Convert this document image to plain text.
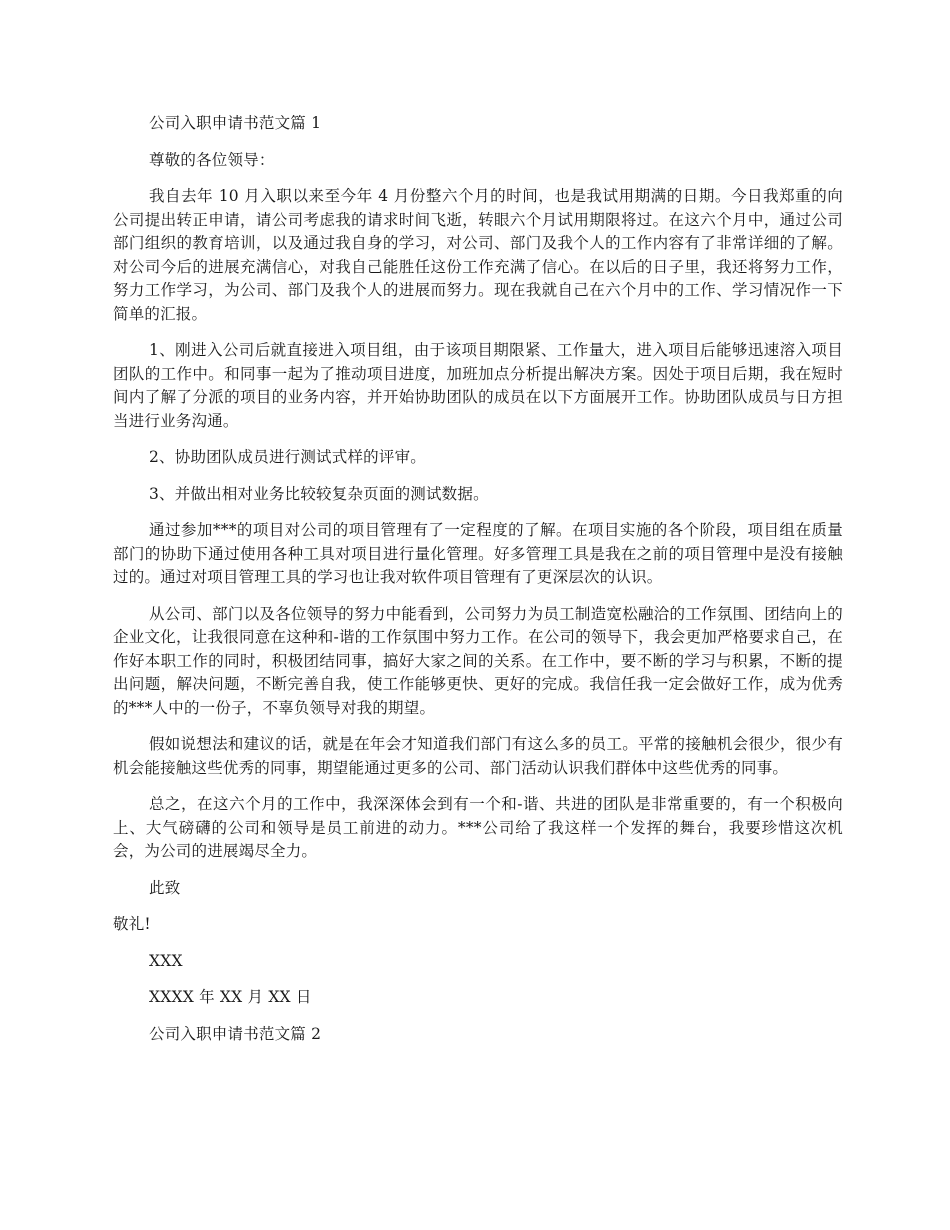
公司入职申请书范文篇 1

尊敬的各位领导：

我自去年 10 月入职以来至今年 4 月份整六个月的时间，也是我试用期满的日期。今日我郑重的向公司提出转正申请，请公司考虑我的请求时间飞逝，转眼六个月试用期限将过。在这六个月中，通过公司部门组织的教育培训，以及通过我自身的学习，对公司、部门及我个人的工作内容有了非常详细的了解。对公司今后的进展充满信心，对我自己能胜任这份工作充满了信心。在以后的日子里，我还将努力工作，努力工作学习，为公司、部门及我个人的进展而努力。现在我就自己在六个月中的工作、学习情况作一下简单的汇报。

1、刚进入公司后就直接进入项目组，由于该项目期限紧、工作量大，进入项目后能够迅速溶入项目团队的工作中。和同事一起为了推动项目进度，加班加点分析提出解决方案。因处于项目后期，我在短时间内了解了分派的项目的业务内容，并开始协助团队的成员在以下方面展开工作。协助团队成员与日方担当进行业务沟通。

2、协助团队成员进行测试式样的评审。

3、并做出相对业务比较较复杂页面的测试数据。

通过参加***的项目对公司的项目管理有了一定程度的了解。在项目实施的各个阶段，项目组在质量部门的协助下通过使用各种工具对项目进行量化管理。好多管理工具是我在之前的项目管理中是没有接触过的。通过对项目管理工具的学习也让我对软件项目管理有了更深层次的认识。

从公司、部门以及各位领导的努力中能看到，公司努力为员工制造宽松融洽的工作氛围、团结向上的企业文化，让我很同意在这种和-谐的工作氛围中努力工作。在公司的领导下，我会更加严格要求自己，在作好本职工作的同时，积极团结同事，搞好大家之间的关系。在工作中，要不断的学习与积累，不断的提出问题，解决问题，不断完善自我，使工作能够更快、更好的完成。我信任我一定会做好工作，成为优秀的***人中的一份子，不辜负领导对我的期望。

假如说想法和建议的话，就是在年会才知道我们部门有这么多的员工。平常的接触机会很少，很少有机会能接触这些优秀的同事，期望能通过更多的公司、部门活动认识我们群体中这些优秀的同事。

总之，在这六个月的工作中，我深深体会到有一个和-谐、共进的团队是非常重要的，有一个积极向上、大气磅礴的公司和领导是员工前进的动力。***公司给了我这样一个发挥的舞台，我要珍惜这次机会，为公司的进展竭尽全力。

此致

敬礼!

XXX

XXXX 年 XX 月 XX 日

公司入职申请书范文篇 2
